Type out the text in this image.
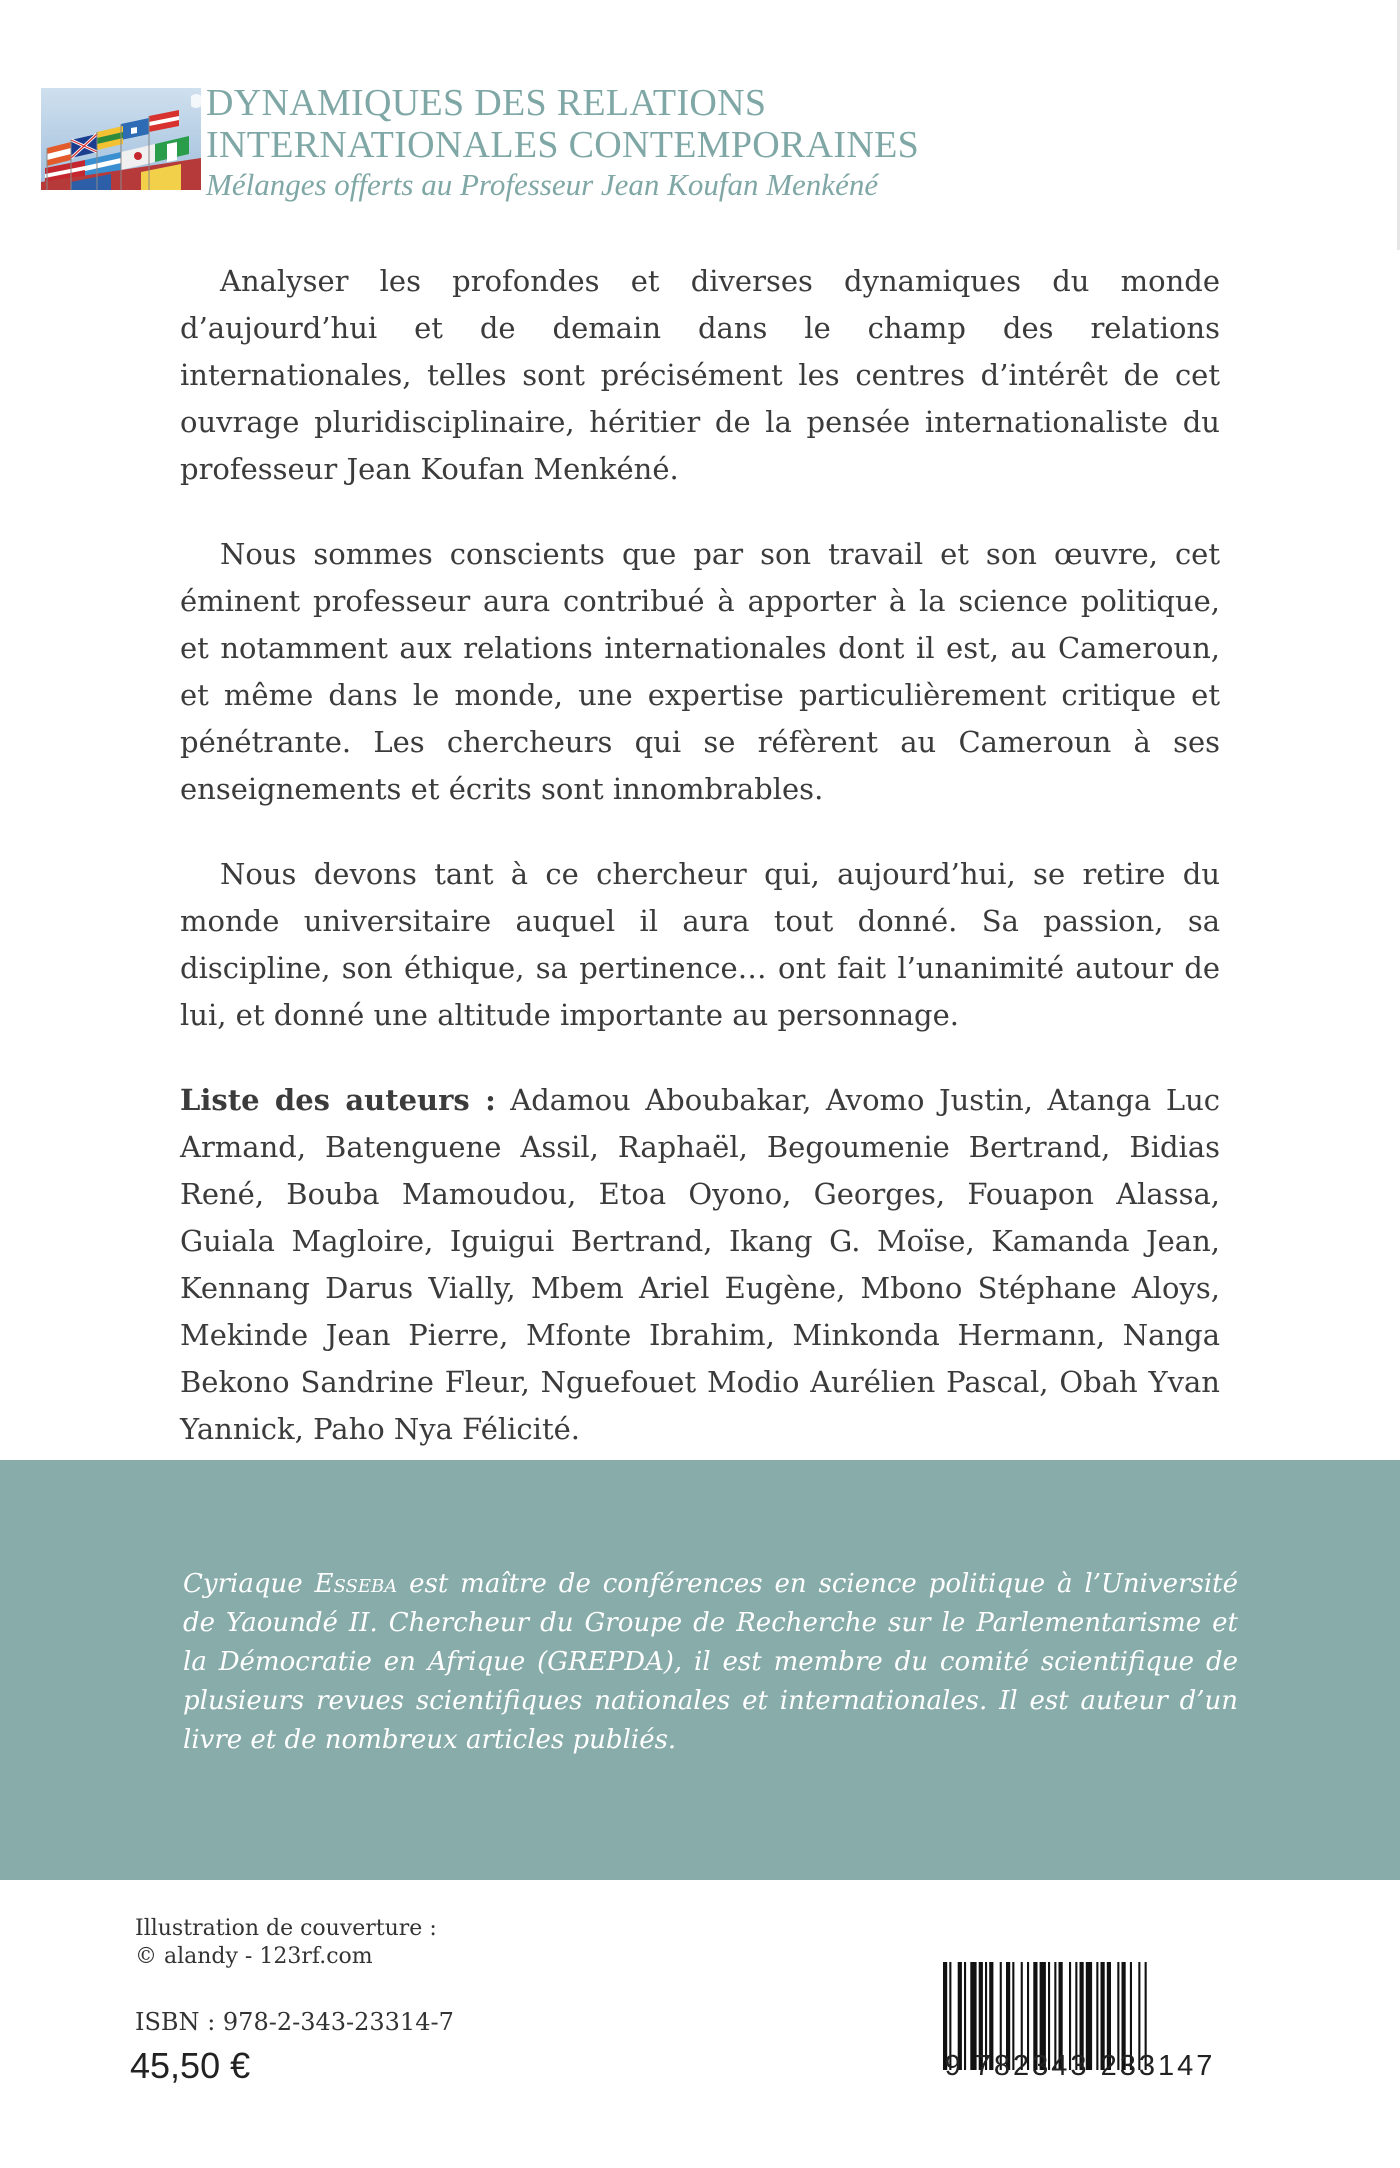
DYNAMIQUES DES RELATIONS
INTERNATIONALES CONTEMPORAINES
Mélanges offerts au Professeur Jean Koufan Menkéné

Analyser les profondes et diverses dynamiques du monde d’aujourd’hui et de demain dans le champ des relations internationales, telles sont précisément les centres d’intérêt de cet ouvrage pluridisciplinaire, héritier de la pensée internationaliste du professeur Jean Koufan Menkéné.

Nous sommes conscients que par son travail et son œuvre, cet éminent professeur aura contribué à apporter à la science politique, et notamment aux relations internationales dont il est, au Cameroun, et même dans le monde, une expertise particulièrement critique et pénétrante. Les chercheurs qui se réfèrent au Cameroun à ses enseignements et écrits sont innombrables.

Nous devons tant à ce chercheur qui, aujourd’hui, se retire du monde universitaire auquel il aura tout donné. Sa passion, sa discipline, son éthique, sa pertinence… ont fait l’unanimité autour de lui, et donné une altitude importante au personnage.

Liste des auteurs : Adamou Aboubakar, Avomo Justin, Atanga Luc Armand, Batenguene Assil, Raphaël, Begoumenie Bertrand, Bidias René, Bouba Mamoudou, Etoa Oyono, Georges, Fouapon Alassa, Guiala Magloire, Iguigui Bertrand, Ikang G. Moïse, Kamanda Jean, Kennang Darus Vially, Mbem Ariel Eugène, Mbono Stéphane Aloys, Mekinde Jean Pierre, Mfonte Ibrahim, Minkonda Hermann, Nanga Bekono Sandrine Fleur, Nguefouet Modio Aurélien Pascal, Obah Yvan Yannick, Paho Nya Félicité.

Cyriaque Esseba est maître de conférences en science politique à l’Université de Yaoundé II. Chercheur du Groupe de Recherche sur le Parlementarisme et la Démocratie en Afrique (GREPDA), il est membre du comité scientifique de plusieurs revues scientifiques nationales et internationales. Il est auteur d’un livre et de nombreux articles publiés.

Illustration de couverture :
© alandy - 123rf.com
ISBN : 978-2-343-23314-7
45,50 €	9 782343 233147
